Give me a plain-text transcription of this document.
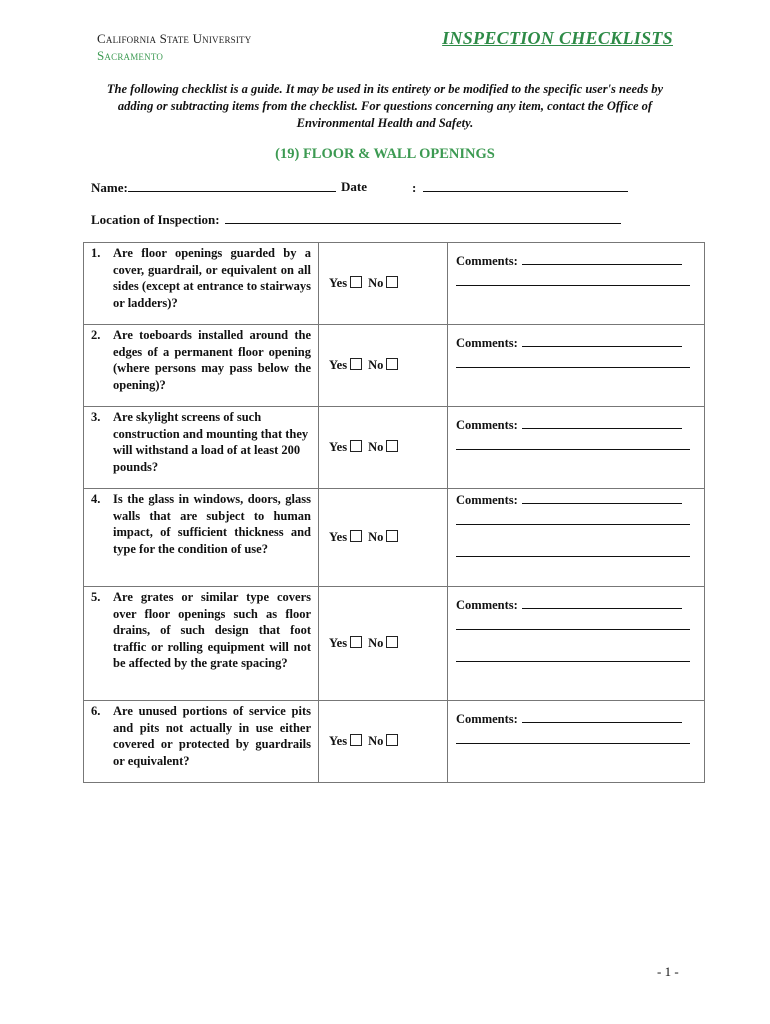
California State University
Sacramento
INSPECTION CHECKLISTS
The following checklist is a guide. It may be used in its entirety or be modified to the specific user's needs by adding or subtracting items from the checklist. For questions concerning any item, contact the Office of Environmental Health and Safety.
(19) FLOOR & WALL OPENINGS
Name:	Date	:
Location of Inspection:
1. Are floor openings guarded by a cover, guardrail, or equivalent on all sides (except at entrance to stairways or ladders)?	Yes No	Comments:

2. Are toeboards installed around the edges of a permanent floor opening (where persons may pass below the opening)?	Yes No	Comments:

3. Are skylight screens of such construction and mounting that they will withstand a load of at least 200 pounds?	Yes No	Comments:

4. Is the glass in windows, doors, glass walls that are subject to human impact, of sufficient thickness and type for the condition of use?	Yes No	Comments:

5. Are grates or similar type covers over floor openings such as floor drains, of such design that foot traffic or rolling equipment will not be affected by the grate spacing?	Yes No	Comments:

6. Are unused portions of service pits and pits not actually in use either covered or protected by guardrails or equivalent?	Yes No	Comments:
- 1 -
